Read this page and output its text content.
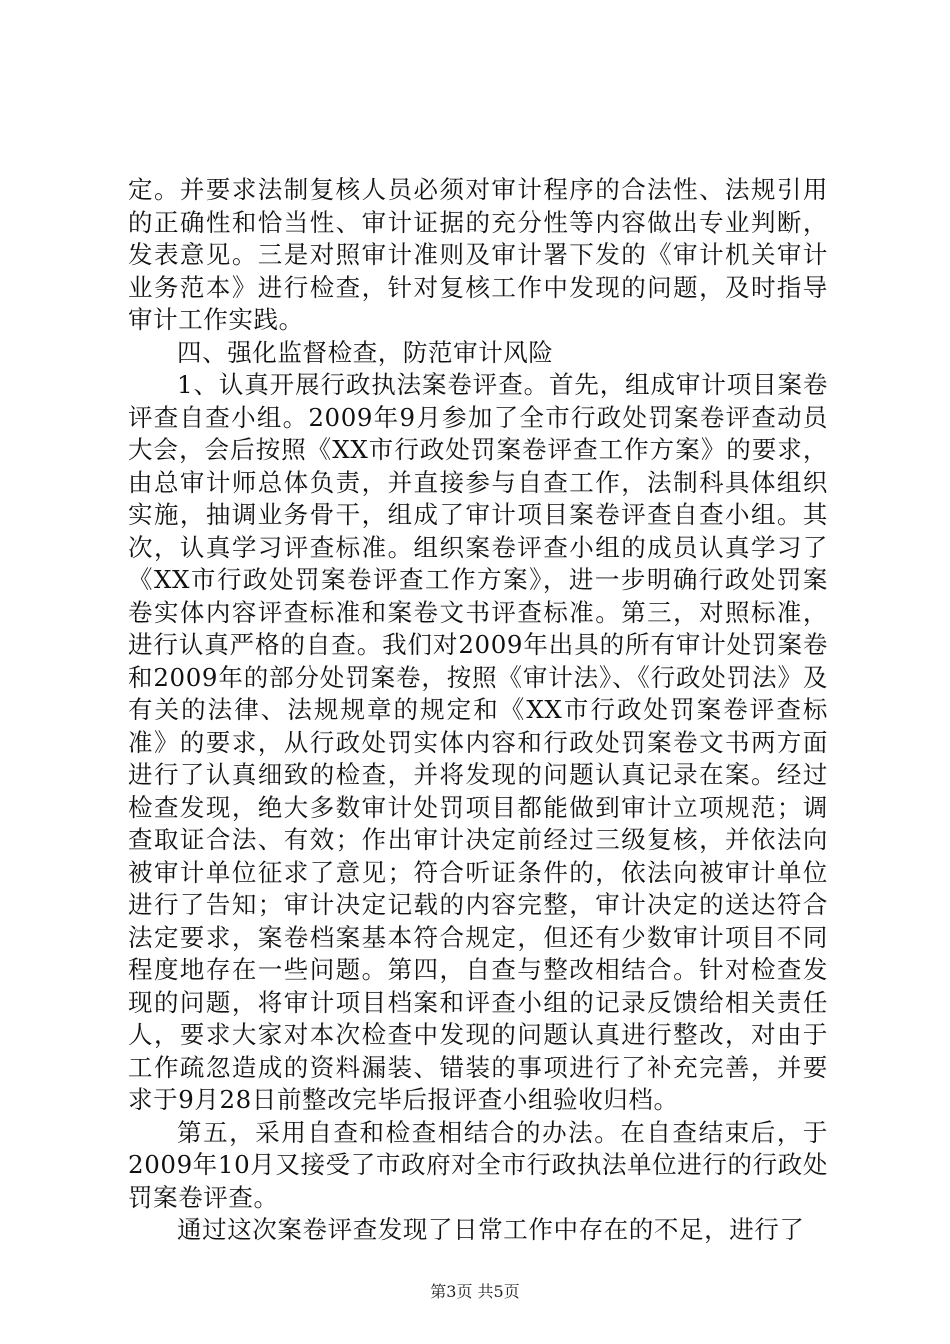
定。并要求法制复核人员必须对审计程序的合法性、法规引用的正确性和恰当性、审计证据的充分性等内容做出专业判断，发表意见。三是对照审计准则及审计署下发的《审计机关审计业务范本》进行检查，针对复核工作中发现的问题，及时指导审计工作实践。

四、强化监督检查，防范审计风险

1、认真开展行政执法案卷评查。首先，组成审计项目案卷评查自查小组。2009年9月参加了全市行政处罚案卷评查动员大会，会后按照《XX市行政处罚案卷评查工作方案》的要求，由总审计师总体负责，并直接参与自查工作，法制科具体组织实施，抽调业务骨干，组成了审计项目案卷评查自查小组。其次，认真学习评查标准。组织案卷评查小组的成员认真学习了《XX市行政处罚案卷评查工作方案》，进一步明确行政处罚案卷实体内容评查标准和案卷文书评查标准。第三，对照标准，进行认真严格的自查。我们对2009年出具的所有审计处罚案卷和2009年的部分处罚案卷，按照《审计法》、《行政处罚法》及有关的法律、法规规章的规定和《XX市行政处罚案卷评查标准》的要求，从行政处罚实体内容和行政处罚案卷文书两方面进行了认真细致的检查，并将发现的问题认真记录在案。经过检查发现，绝大多数审计处罚项目都能做到审计立项规范；调查取证合法、有效；作出审计决定前经过三级复核，并依法向被审计单位征求了意见；符合听证条件的，依法向被审计单位进行了告知；审计决定记载的内容完整，审计决定的送达符合法定要求，案卷档案基本符合规定，但还有少数审计项目不同程度地存在一些问题。第四，自查与整改相结合。针对检查发现的问题，将审计项目档案和评查小组的记录反馈给相关责任人，要求大家对本次检查中发现的问题认真进行整改，对由于工作疏忽造成的资料漏装、错装的事项进行了补充完善，并要求于9月28日前整改完毕后报评查小组验收归档。

第五，采用自查和检查相结合的办法。在自查结束后，于2009年10月又接受了市政府对全市行政执法单位进行的行政处罚案卷评查。

通过这次案卷评查发现了日常工作中存在的不足，进行了

第3页 共5页
